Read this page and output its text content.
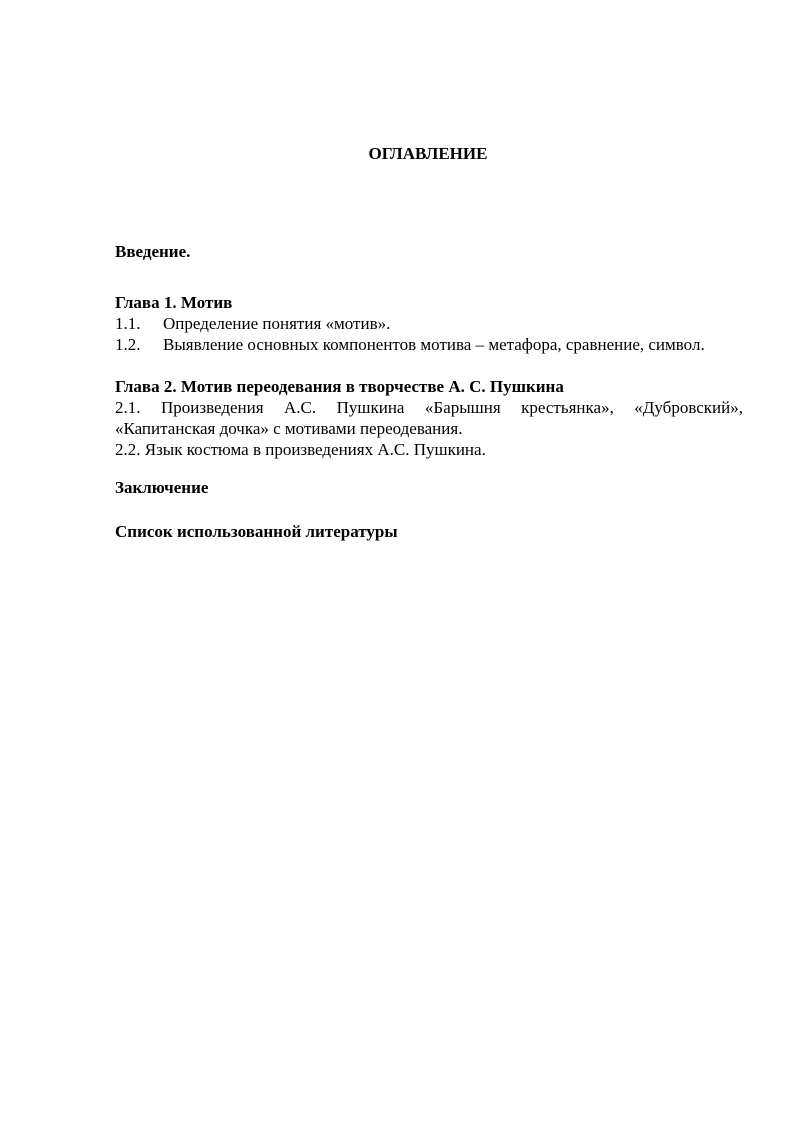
ОГЛАВЛЕНИЕ

Введение.

Глава 1. Мотив

1.1.	Определение понятия «мотив».
1.2.	Выявление основных компонентов мотива – метафора, сравнение, символ.

Глава 2. Мотив переодевания в творчестве А. С. Пушкина

2.1. Произведения А.С. Пушкина «Барышня крестьянка», «Дубровский», «Капитанская дочка» с мотивами переодевания.

2.2. Язык костюма в произведениях А.С. Пушкина.

Заключение

Список использованной литературы
